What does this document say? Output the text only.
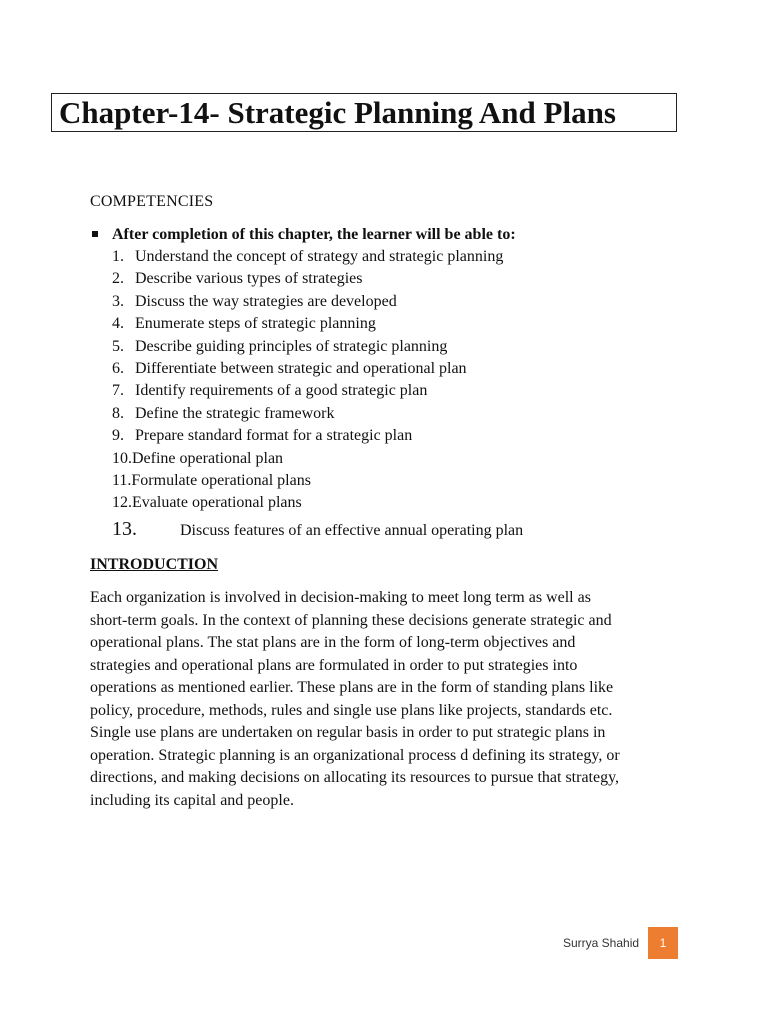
Chapter-14- Strategic Planning And Plans
COMPETENCIES
After completion of this chapter, the learner will be able to:
1. Understand the concept of strategy and strategic planning
2. Describe various types of strategies
3. Discuss the way strategies are developed
4. Enumerate steps of strategic planning
5. Describe guiding principles of strategic planning
6. Differentiate between strategic and operational plan
7. Identify requirements of a good strategic plan
8. Define the strategic framework
9. Prepare standard format for a strategic plan
10.Define operational plan
11.Formulate operational plans
12.Evaluate operational plans
13.	Discuss features of an effective annual operating plan
INTRODUCTION

Each organization is involved in decision-making to meet long term as well as
short-term goals. In the context of planning these decisions generate strategic and
operational plans. The stat plans are in the form of long-term objectives and
strategies and operational plans are formulated in order to put strategies into
operations as mentioned earlier. These plans are in the form of standing plans like
policy, procedure, methods, rules and single use plans like projects, standards etc.
Single use plans are undertaken on regular basis in order to put strategic plans in
operation. Strategic planning is an organizational process d defining its strategy, or
directions, and making decisions on allocating its resources to pursue that strategy,
including its capital and people.

Surrya Shahid	1
